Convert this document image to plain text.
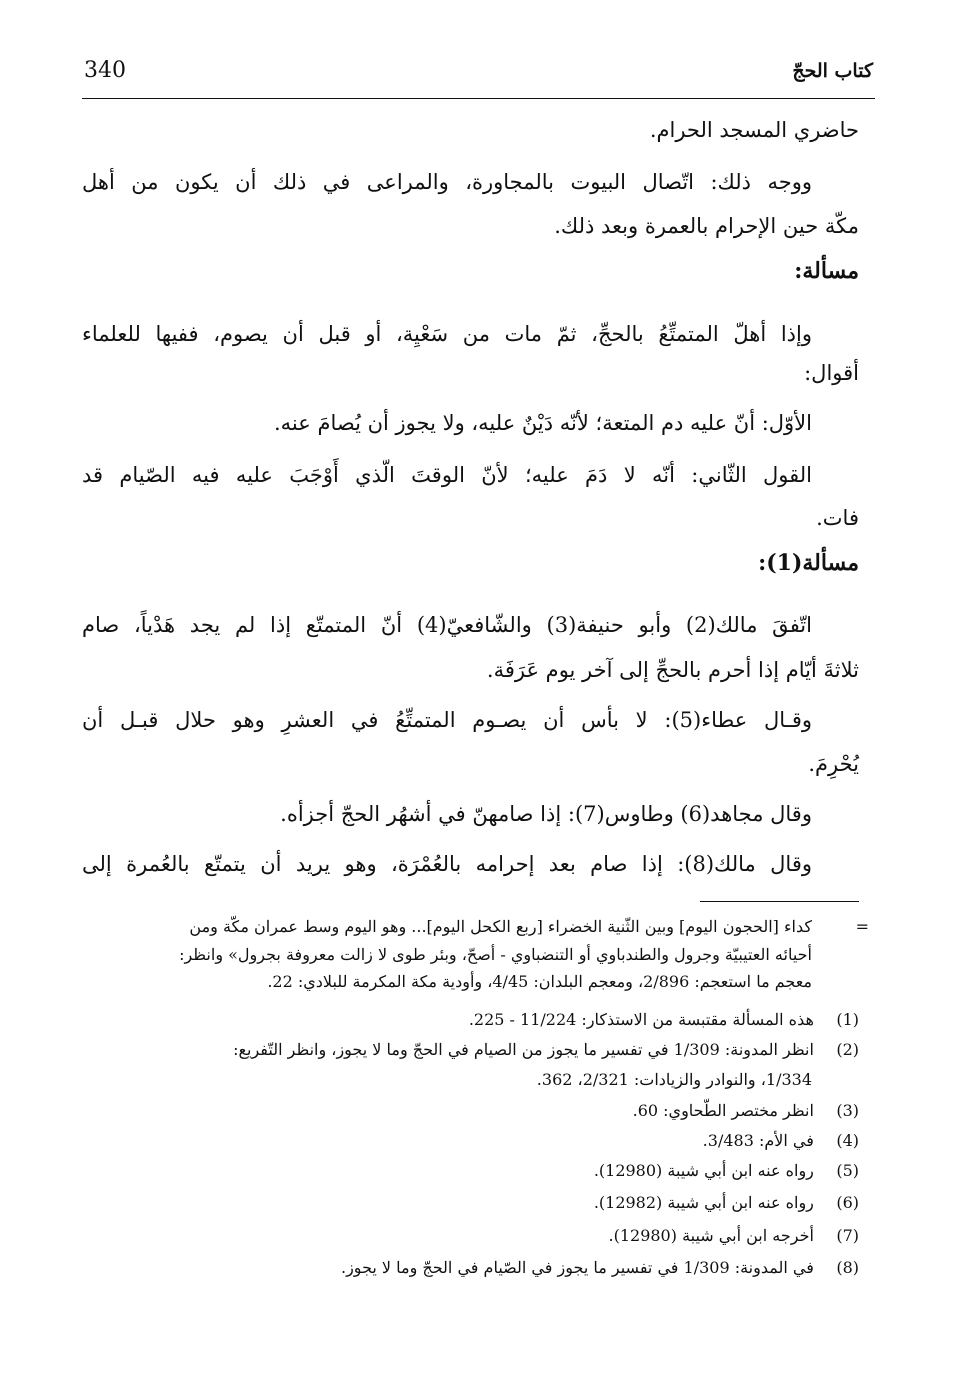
340	كتاب الحجّ
حاضري المسجد الحرام.
ووجه ذلك: اتّصال البيوت بالمجاورة، والمراعى في ذلك أن يكون من أهل
مكّة حين الإحرام بالعمرة وبعد ذلك.
مسألة:
وإذا أهلّ المتمتِّعُ بالحجِّ، ثمّ مات من سَعْيِة، أو قبل أن يصوم، ففيها للعلماء
أقوال:
الأوّل: أنّ عليه دم المتعة؛ لأنّه دَيْنٌ عليه، ولا يجوز أن يُصامَ عنه.
القول الثّاني: أنّه لا دَمَ عليه؛ لأنّ الوقتَ الّذي أَوْجَبَ عليه فيه الصّيام قد
فات.
مسألة(1):
اتّفقَ مالك(2) وأبو حنيفة(3) والشّافعيّ(4) أنّ المتمتّع إذا لم يجد هَدْياً، صام
ثلاثةَ أيّام إذا أحرم بالحجِّ إلى آخر يوم عَرَفَة.
وقـال عطاء(5): لا بأس أن يصـوم المتمتِّعُ في العشرِ وهو حلال قبـل أن
يُحْرِمَ.
وقال مجاهد(6) وطاوس(7): إذا صامهنّ في أشهُر الحجّ أجزأه.
وقال مالك(8): إذا صام بعد إحرامه بالعُمْرَة، وهو يريد أن يتمتّع بالعُمرة إلى
=
كداء [الحجون اليوم] وبين الثّنية الخضراء [ربع الكحل اليوم]... وهو اليوم وسط عمران مكّة ومن
أحيائه العتيبيّة وجرول والطندباوي أو التنضباوي - أصحّ، وبئر طوى لا زالت معروفة بجرول» وانظر:
معجم ما استعجم: 2/896، ومعجم البلدان: 4/45، وأودية مكة المكرمة للبلادي: 22.
(1) هذه المسألة مقتبسة من الاستذكار: 11/224 - 225.
(2) انظر المدونة: 1/309 في تفسير ما يجوز من الصيام في الحجّ وما لا يجوز، وانظر التّفريع:
1/334، والنوادر والزيادات: 2/321، 362.
(3) انظر مختصر الطّحاوي: 60.
(4) في الأم: 3/483.
(5) رواه عنه ابن أبي شيبة (12980).
(6) رواه عنه ابن أبي شيبة (12982).
(7) أخرجه ابن أبي شيبة (12980).
(8) في المدونة: 1/309 في تفسير ما يجوز في الصّيام في الحجّ وما لا يجوز.
